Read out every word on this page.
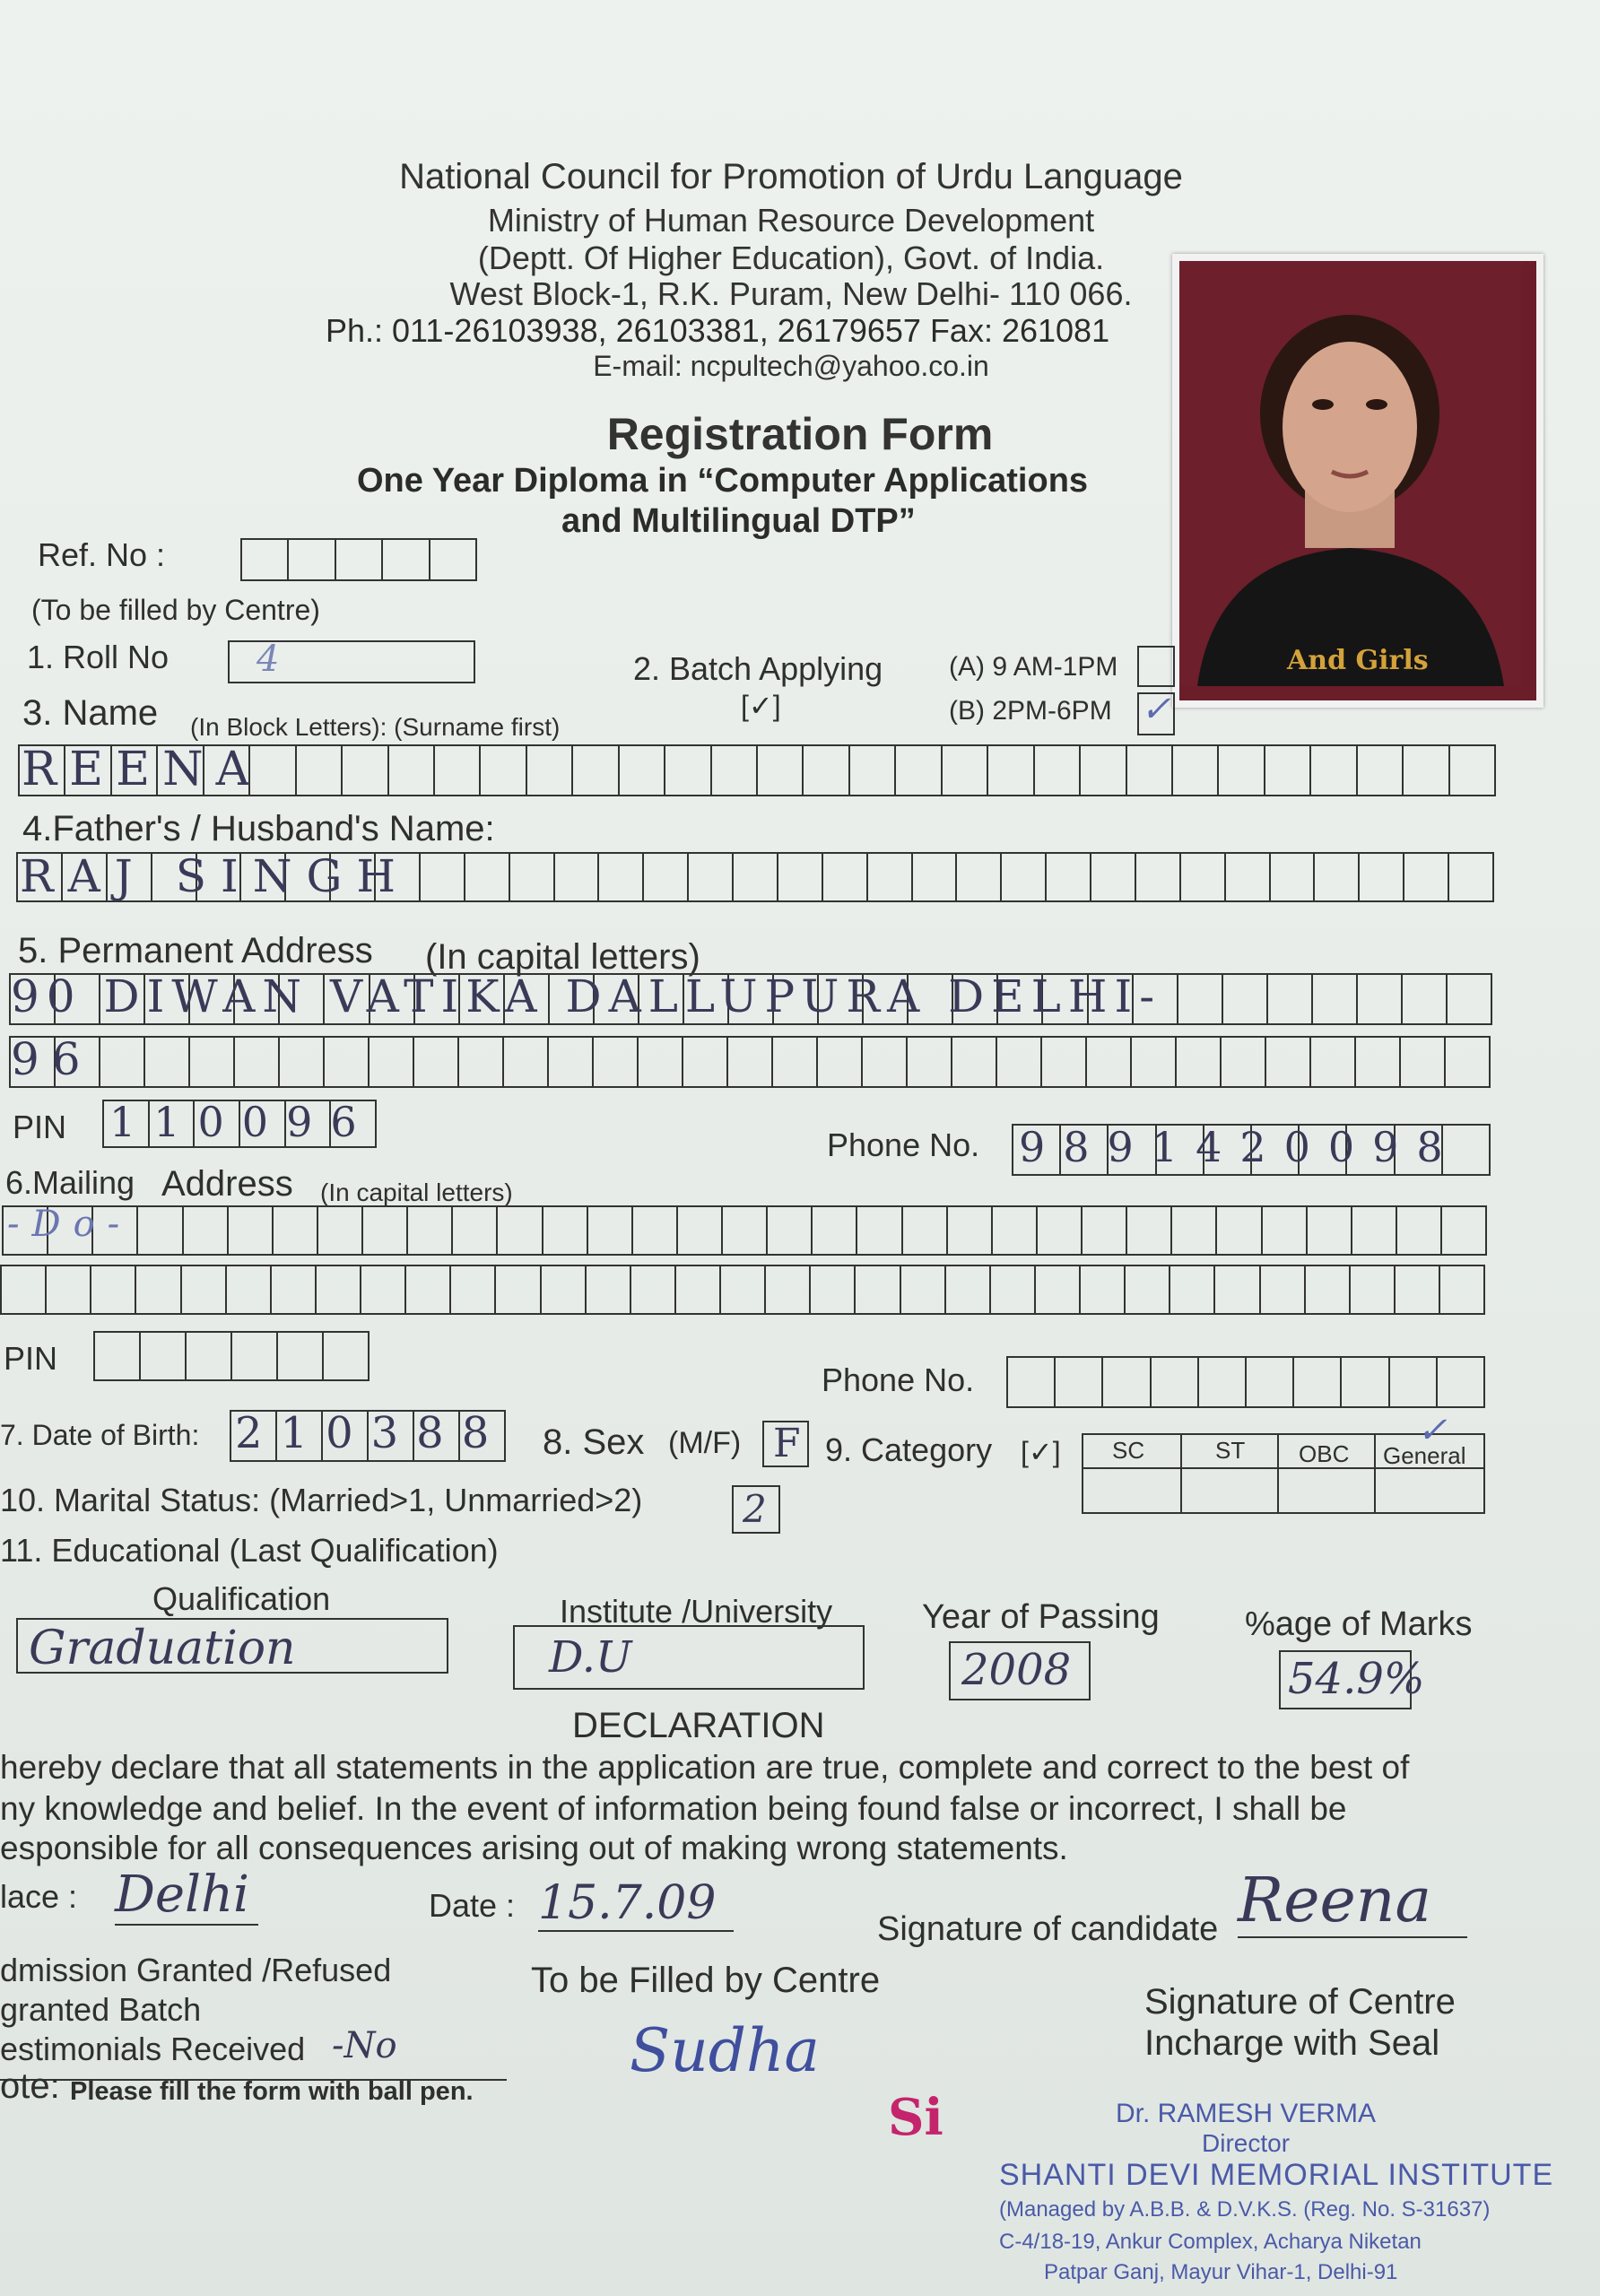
National Council for Promotion of Urdu Language
Ministry of Human Resource Development
(Deptt. Of Higher Education), Govt. of India.
West Block-1, R.K. Puram, New Delhi- 110 066.
Ph.: 011-26103938, 26103381, 26179657 Fax: 261081
E-mail: ncpultech@yahoo.co.in
Registration Form
One Year Diploma in “Computer Applications
and Multilingual DTP”
And Girls
Ref. No :
(To be filled by Centre)
1. Roll No 4	2. Batch Applying
[✓]
(A) 9 AM-1PM
(B) 2PM-6PM ✓
3. Name (In Block Letters): (Surname first)
REENA
4.Father's / Husband's Name:
RAJ SINGH
5. Permanent Address (In capital letters)
90 DIWAN VATIKA DALLUPURA DELHI-
96
PIN 110096	Phone No. 9891420098
6.Mailing Address (In capital letters)
-Do-
PIN
Phone No.
7. Date of Birth: 210388 8. Sex (M/F) F 9. Category [✓] SC	ST OBC General
✓
10. Marital Status: (Married>1, Unmarried>2)	2
11. Educational (Last Qualification)
Qualification	Institute /University	Year of Passing	%age of Marks
Graduation	D.U	2008	54.9%
DECLARATION
hereby declare that all statements in the application are true, complete and correct to the best of
ny knowledge and belief. In the event of information being found false or incorrect, I shall be
esponsible for all consequences arising out of making wrong statements.
lace : Delhi	Date : 15.7.09	Signature of candidate Reena
dmission Granted /Refused
granted Batch
estimonials Received -No
ote: Please fill the form with ball pen.
To be Filled by Centre
Sudha
Si
Signature of Centre
Incharge with Seal
Dr. RAMESH VERMA
Director
SHANTI DEVI MEMORIAL INSTITUTE
(Managed by A.B.B. & D.V.K.S. (Reg. No. S-31637)
C-4/18-19, Ankur Complex, Acharya Niketan
Patpar Ganj, Mayur Vihar-1, Delhi-91
